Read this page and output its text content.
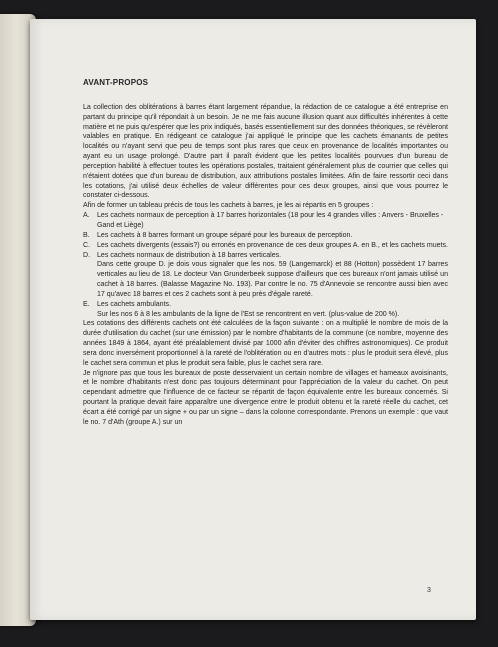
AVANT-PROPOS

La collection des oblitérations à barres étant largement répandue, la rédaction de ce catalogue a été entreprise en partant du principe qu'il répondait à un besoin. Je ne me fais aucune illusion quant aux difficultés inhérentes à cette matière et ne puis qu'espérer que les prix indiqués, basés essentiellement sur des données théoriques, se révèleront valables en pratique. En rédigeant ce catalogue j'ai appliqué le principe que les cachets émanants de petites localités ou n'ayant servi que peu de temps sont plus rares que ceux en provenance de localités importantes ou ayant eu un usage prolongé. D'autre part il paraît évident que les petites localités pourvues d'un bureau de perception habilité à effectuer toutes les opérations postales, traitaient généralement plus de courrier que celles qui n'étaient dotées que d'un bureau de distribution, aux attributions postales limitées. Afin de faire ressortir ceci dans les cotations, j'ai utilisé deux échelles de valeur différentes pour ces deux groupes, ainsi que vous pourrez le constater ci-dessous.

Afin de former un tableau précis de tous les cachets à barres, je les ai répartis en 5 groupes :

A.	Les cachets normaux de perception à 17 barres horizontales (18 pour les 4 grandes villes : Anvers - Bruxelles - Gand et Liège)
B.	Les cachets à 8 barres formant un groupe séparé pour les bureaux de perception.
C. Les cachets divergents (essais?) ou erronés en provenance de ces deux groupes A. en B., et les cachets muets.
D. Les cachets normaux de distribution à 18 barres verticales.

Dans cette groupe D. je dois vous signaler que les nos. 59 (Langemarck) et 88 (Hotton) possèdent 17 barres verticales au lieu de 18. Le docteur Van Grunderbeek suppose d'ailleurs que ces bureaux n'ont jamais utilisé un cachet à 18 barres. (Balasse Magazine No. 193). Par contre le no. 75 d'Annevoie se rencontre aussi bien avec 17 qu'avec 18 barres et ces 2 cachets sont à peu près d'égale rareté.

E.	Les cachets ambulants.

Sur les nos 6 à 8 les ambulants de la ligne de l'Est se rencontrent en vert. (plus-value de 200 %).

Les cotations des différents cachets ont été calculées de la façon suivante : on a multiplié le nombre de mois de la durée d'utilisation du cachet (sur une émission) par le nombre d'habitants de la commune (ce nombre, moyenne des années 1849 à 1864, ayant été préalablement divisé par 1000 afin d'éviter des chiffres astronomiques). Ce produit sera donc inversément proportionnel à la rareté de l'oblitération ou en d'autres mots : plus le produit sera élevé, plus le cachet sera commun et plus le produit sera faible, plus le cachet sera rare.

Je n'ignore pas que tous les bureaux de poste desservaient un certain nombre de villages et hameaux avoisinants, et le nombre d'habitants n'est donc pas toujours déterminant pour l'appréciation de la valeur du cachet. On peut cependant admettre que l'influence de ce facteur se répartit de façon équivalente entre les bureaux concernés. Si pourtant la pratique devait faire apparaître une divergence entre le produit obtenu et la rareté réelle du cachet, cet écart a été corrigé par un signe + ou par un signe – dans la colonne correspondante. Prenons un exemple : que vaut le no. 7 d'Ath (groupe A.) sur un

3
